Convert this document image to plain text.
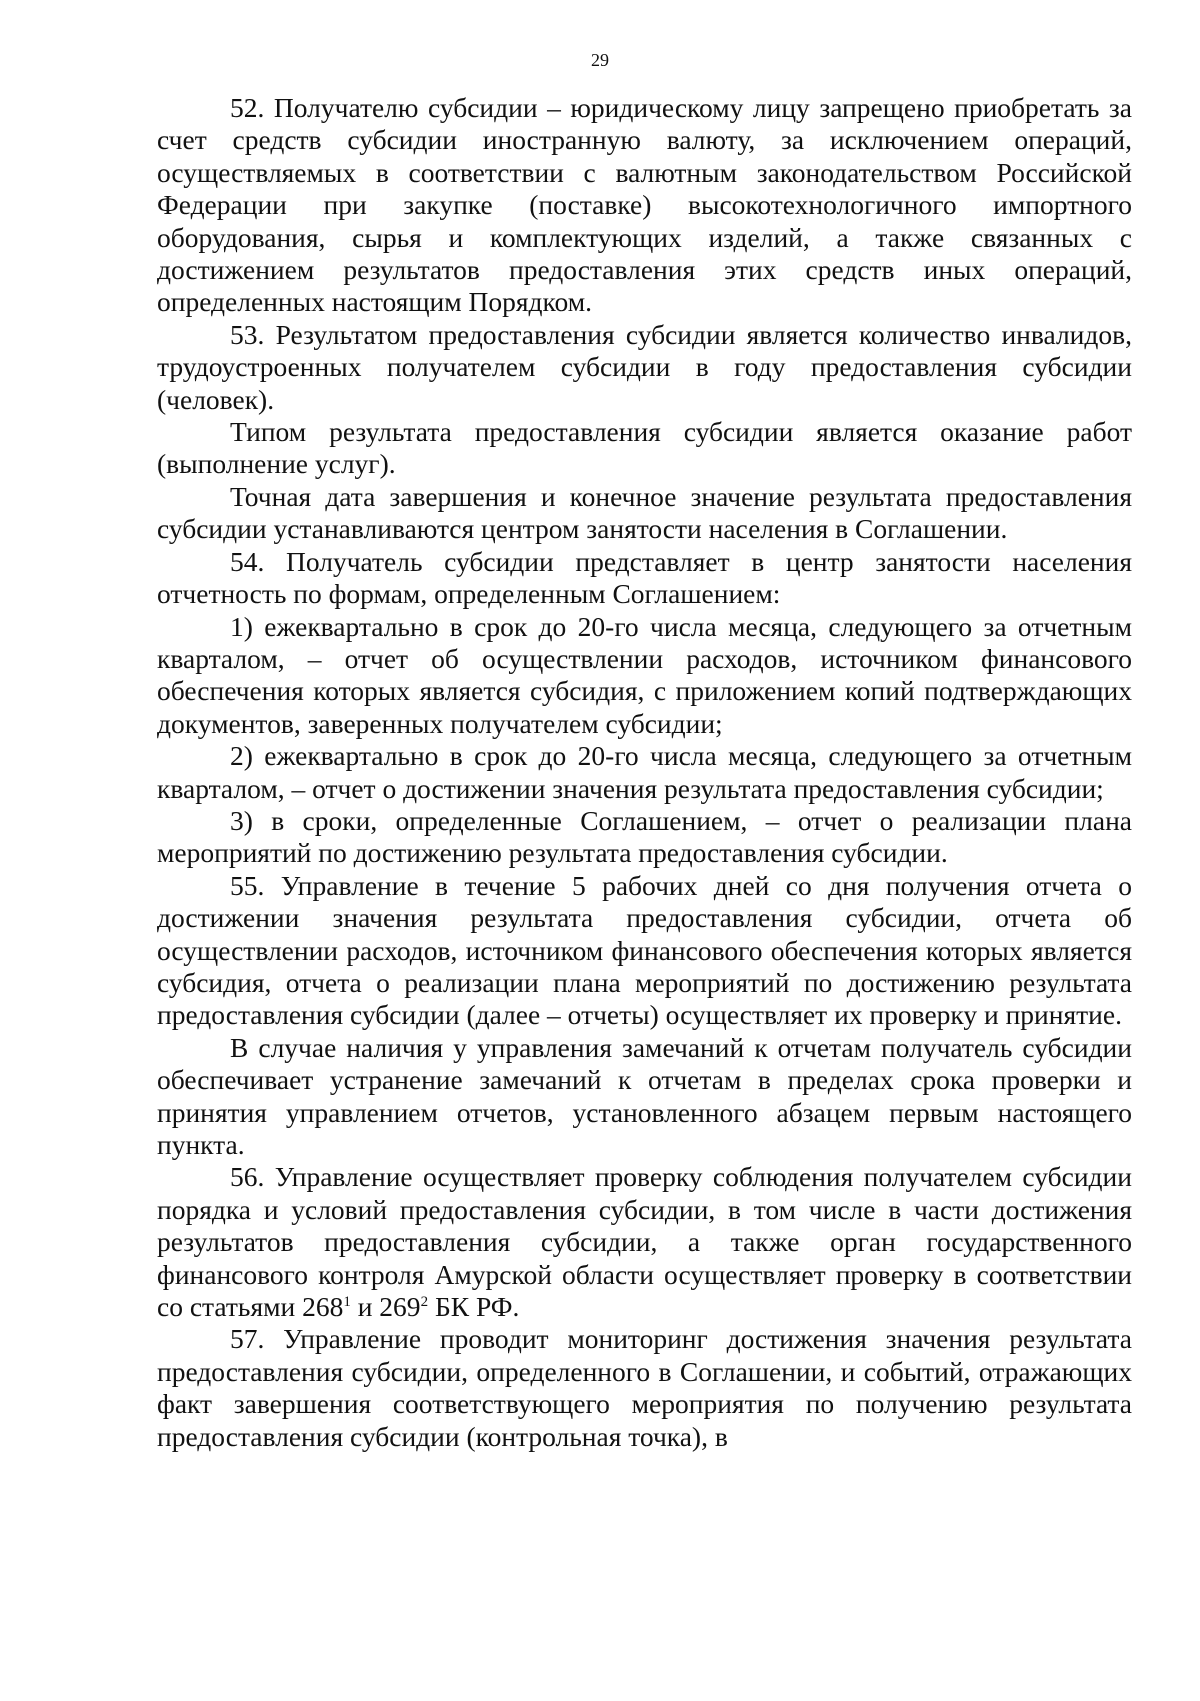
29

52. Получателю субсидии – юридическому лицу запрещено приобретать за счет средств субсидии иностранную валюту, за исключением операций, осуществляемых в соответствии с валютным законодательством Российской Федерации при закупке (поставке) высокотехнологичного импортного оборудования, сырья и комплектующих изделий, а также связанных с достижением результатов предоставления этих средств иных операций, определенных настоящим Порядком.

53. Результатом предоставления субсидии является количество инвалидов, трудоустроенных получателем субсидии в году предоставления субсидии (человек).

Типом результата предоставления субсидии является оказание работ (выполнение услуг).

Точная дата завершения и конечное значение результата предоставления субсидии устанавливаются центром занятости населения в Соглашении.

54. Получатель субсидии представляет в центр занятости населения отчетность по формам, определенным Соглашением:

1) ежеквартально в срок до 20-го числа месяца, следующего за отчетным кварталом, – отчет об осуществлении расходов, источником финансового обеспечения которых является субсидия, с приложением копий подтверждающих документов, заверенных получателем субсидии;

2) ежеквартально в срок до 20-го числа месяца, следующего за отчетным кварталом, – отчет о достижении значения результата предоставления субсидии;

3) в сроки, определенные Соглашением, – отчет о реализации плана мероприятий по достижению результата предоставления субсидии.

55. Управление в течение 5 рабочих дней со дня получения отчета о достижении значения результата предоставления субсидии, отчета об осуществлении расходов, источником финансового обеспечения которых является субсидия, отчета о реализации плана мероприятий по достижению результата предоставления субсидии (далее – отчеты) осуществляет их проверку и принятие.

В случае наличия у управления замечаний к отчетам получатель субсидии обеспечивает устранение замечаний к отчетам в пределах срока проверки и принятия управлением отчетов, установленного абзацем первым настоящего пункта.

56. Управление осуществляет проверку соблюдения получателем субсидии порядка и условий предоставления субсидии, в том числе в части достижения результатов предоставления субсидии, а также орган государственного финансового контроля Амурской области осуществляет проверку в соответствии со статьями $268^1$ и $269^2$ БК РФ.

57. Управление проводит мониторинг достижения значения результата предоставления субсидии, определенного в Соглашении, и событий, отражающих факт завершения соответствующего мероприятия по получению результата предоставления субсидии (контрольная точка), в
